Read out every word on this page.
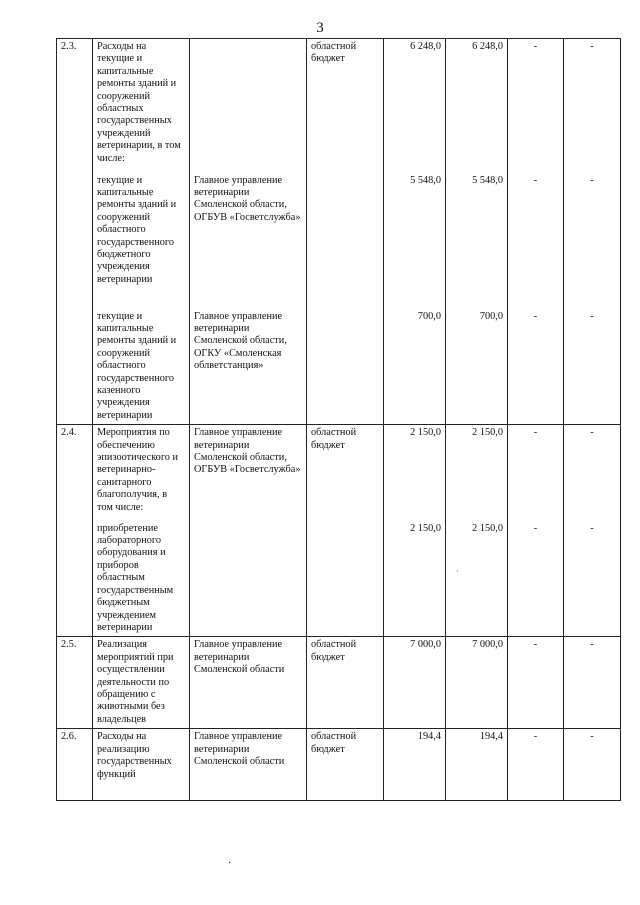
3
2.3.	Расходы на текущие и капитальные ремонты зданий и сооружений областных государственных учреждений ветеринарии, в том числе:		областной бюджет	6 248,0	6 248,0	-	-
	текущие и капитальные ремонты зданий и сооружений областного государственного бюджетного учреждения ветеринарии	Главное управление ветеринарии Смоленской области, ОГБУВ «Госветслужба»		5 548,0	5 548,0	-	-
	текущие и капитальные ремонты зданий и сооружений областного государственного казенного учреждения ветеринарии	Главное управление ветеринарии Смоленской области, ОГКУ «Смоленская облветстанция»		700,0	700,0	-	-
2.4.	Мероприятия по обеспечению эпизоотического и ветеринарно-санитарного благополучия, в том числе:	Главное управление ветеринарии Смоленской области, ОГБУВ «Госветслужба»	областной бюджет	2 150,0	2 150,0	-	-
	приобретение лабораторного оборудования и приборов областным государственным бюджетным учреждением ветеринарии			2 150,0	2 150,0	-	-
2.5.	Реализация мероприятий при осуществлении деятельности по обращению с животными без владельцев	Главное управление ветеринарии Смоленской области	областной бюджет	7 000,0	7 000,0	-	-
2.6.	Расходы на реализацию государственных функций	Главное управление ветеринарии Смоленской области	областной бюджет	194,4	194,4	-	-
·
·
